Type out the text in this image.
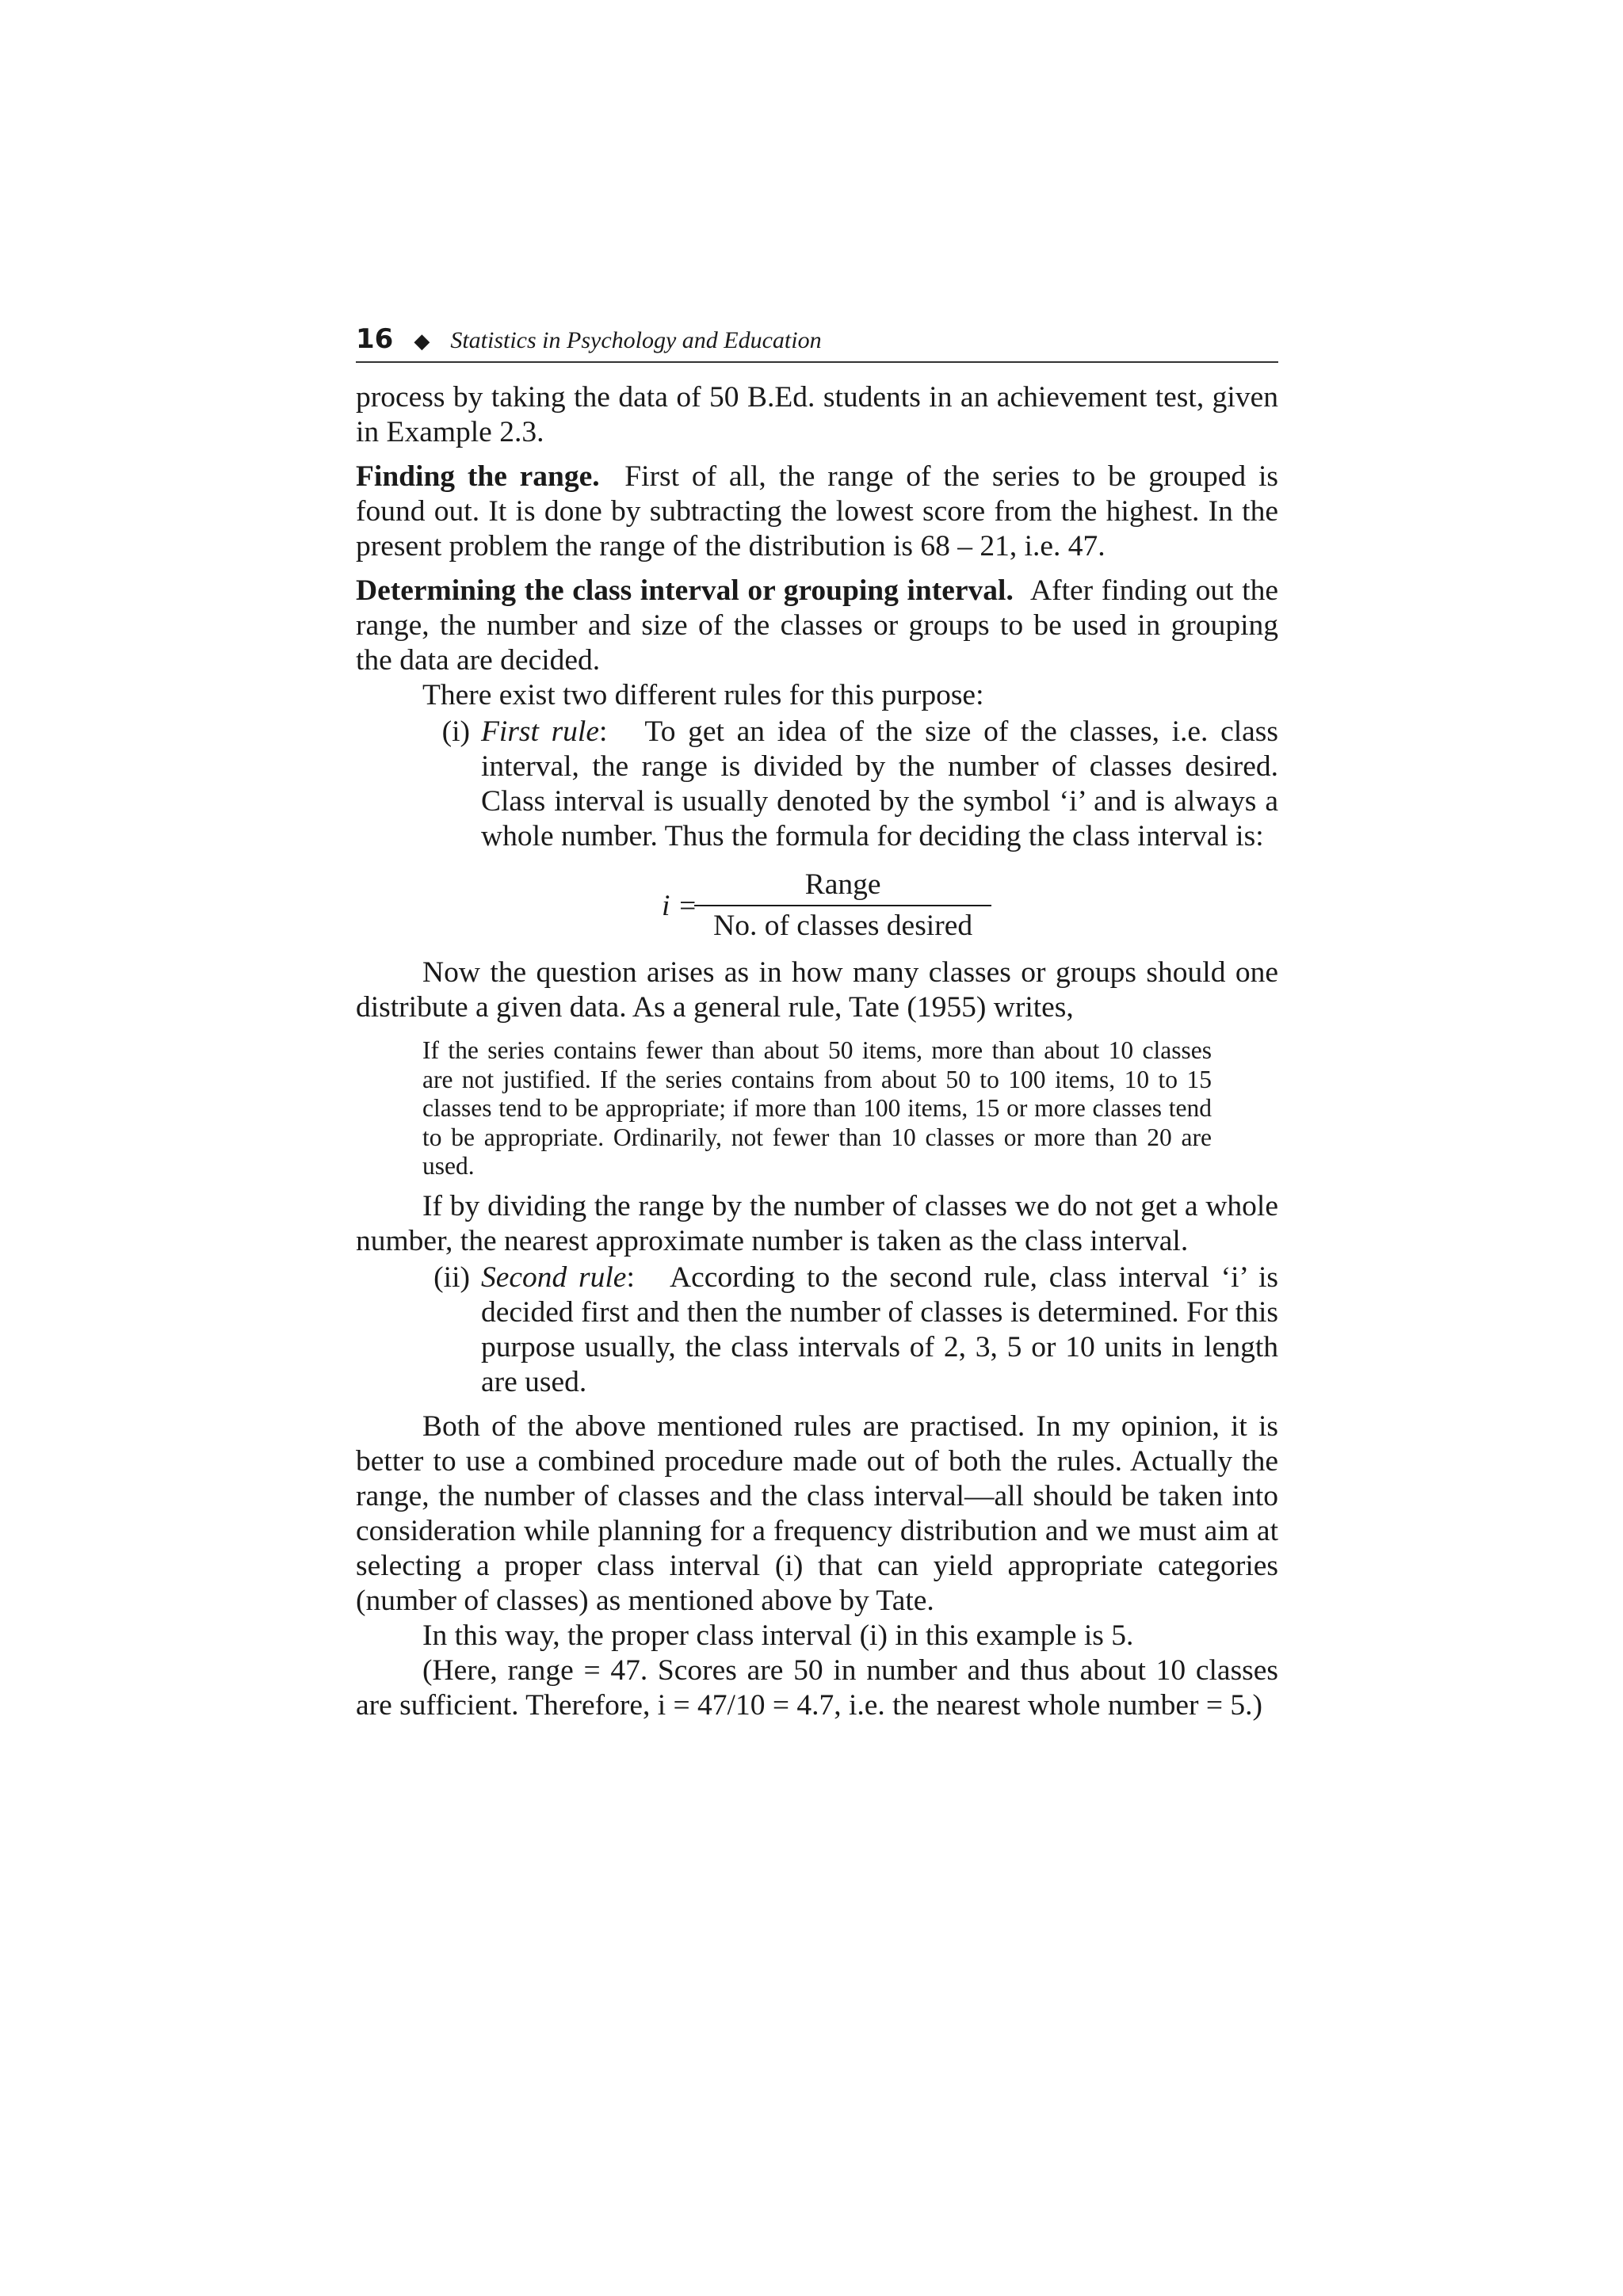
16 ◆ Statistics in Psychology and Education

process by taking the data of 50 B.Ed. students in an achievement test, given in Example 2.3.

Finding the range. First of all, the range of the series to be grouped is found out. It is done by subtracting the lowest score from the highest. In the present problem the range of the distribution is 68 – 21, i.e. 47.

Determining the class interval or grouping interval. After finding out the range, the number and size of the classes or groups to be used in grouping the data are decided.

There exist two different rules for this purpose:

(i) First rule:   To get an idea of the size of the classes, i.e. class interval, the range is divided by the number of classes desired. Class interval is usually denoted by the symbol ‘i’ and is always a whole number. Thus the formula for deciding the class interval is:
$i = \frac{\text{Range}}{\text{No. of classes desired}}$

Now the question arises as in how many classes or groups should one distribute a given data. As a general rule, Tate (1955) writes,

If the series contains fewer than about 50 items, more than about 10 classes are not justified. If the series contains from about 50 to 100 items, 10 to 15 classes tend to be appropriate; if more than 100 items, 15 or more classes tend to be appropriate. Ordinarily, not fewer than 10 classes or more than 20 are used.

If by dividing the range by the number of classes we do not get a whole number, the nearest approximate number is taken as the class interval.

(ii) Second rule:   According to the second rule, class interval ‘i’ is decided first and then the number of classes is determined. For this purpose usually, the class intervals of 2, 3, 5 or 10 units in length are used.

Both of the above mentioned rules are practised. In my opinion, it is better to use a combined procedure made out of both the rules. Actually the range, the number of classes and the class interval—all should be taken into consideration while planning for a frequency distribution and we must aim at selecting a proper class interval (i) that can yield appropriate categories (number of classes) as mentioned above by Tate.

In this way, the proper class interval (i) in this example is 5.

(Here, range = 47. Scores are 50 in number and thus about 10 classes are sufficient. Therefore, i = 47/10 = 4.7, i.e. the nearest whole number = 5.)
